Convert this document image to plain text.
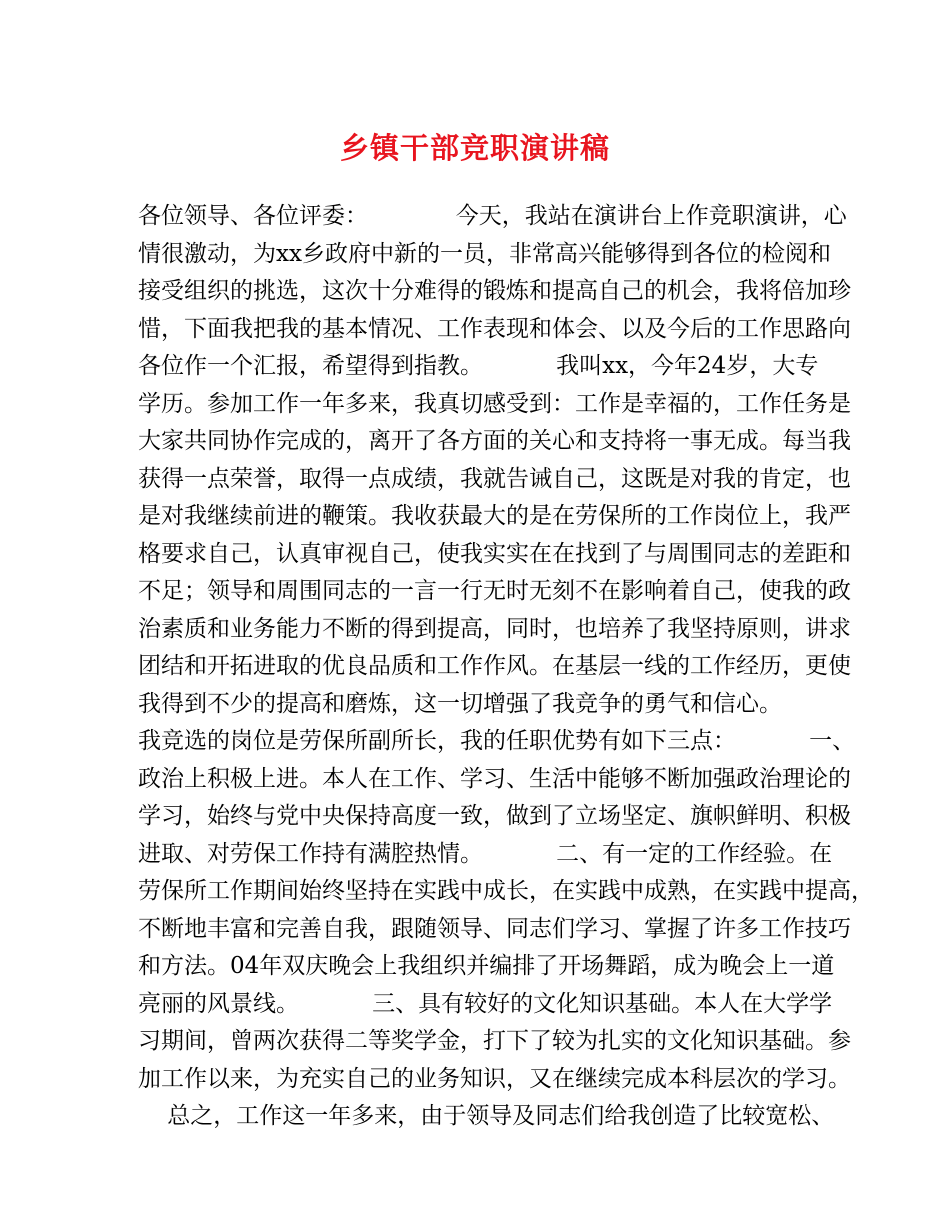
乡镇干部竞职演讲稿
各位领导、各位评委：            今天，我站在演讲台上作竞职演讲，心
情很激动，为xx乡政府中新的一员，非常高兴能够得到各位的检阅和
接受组织的挑选，这次十分难得的锻炼和提高自己的机会，我将倍加珍
惜，下面我把我的基本情况、工作表现和体会、以及今后的工作思路向
各位作一个汇报，希望得到指教。          我叫xx，今年24岁，大专
学历。参加工作一年多来，我真切感受到：工作是幸福的，工作任务是
大家共同协作完成的，离开了各方面的关心和支持将一事无成。每当我
获得一点荣誉，取得一点成绩，我就告诫自己，这既是对我的肯定，也
是对我继续前进的鞭策。我收获最大的是在劳保所的工作岗位上，我严
格要求自己，认真审视自己，使我实实在在找到了与周围同志的差距和
不足；领导和周围同志的一言一行无时无刻不在影响着自己，使我的政
治素质和业务能力不断的得到提高，同时，也培养了我坚持原则，讲求
团结和开拓进取的优良品质和工作作风。在基层一线的工作经历，更使
我得到不少的提高和磨炼，这一切增强了我竞争的勇气和信心。
我竞选的岗位是劳保所副所长，我的任职优势有如下三点：          一、
政治上积极上进。本人在工作、学习、生活中能够不断加强政治理论的
学习，始终与党中央保持高度一致，做到了立场坚定、旗帜鲜明、积极
进取、对劳保工作持有满腔热情。          二、有一定的工作经验。在
劳保所工作期间始终坚持在实践中成长，在实践中成熟，在实践中提高，
不断地丰富和完善自我，跟随领导、同志们学习、掌握了许多工作技巧
和方法。04年双庆晚会上我组织并编排了开场舞蹈，成为晚会上一道
亮丽的风景线。          三、具有较好的文化知识基础。本人在大学学
习期间，曾两次获得二等奖学金，打下了较为扎实的文化知识基础。参
加工作以来，为充实自己的业务知识，又在继续完成本科层次的学习。
总之，工作这一年多来，由于领导及同志们给我创造了比较宽松、
